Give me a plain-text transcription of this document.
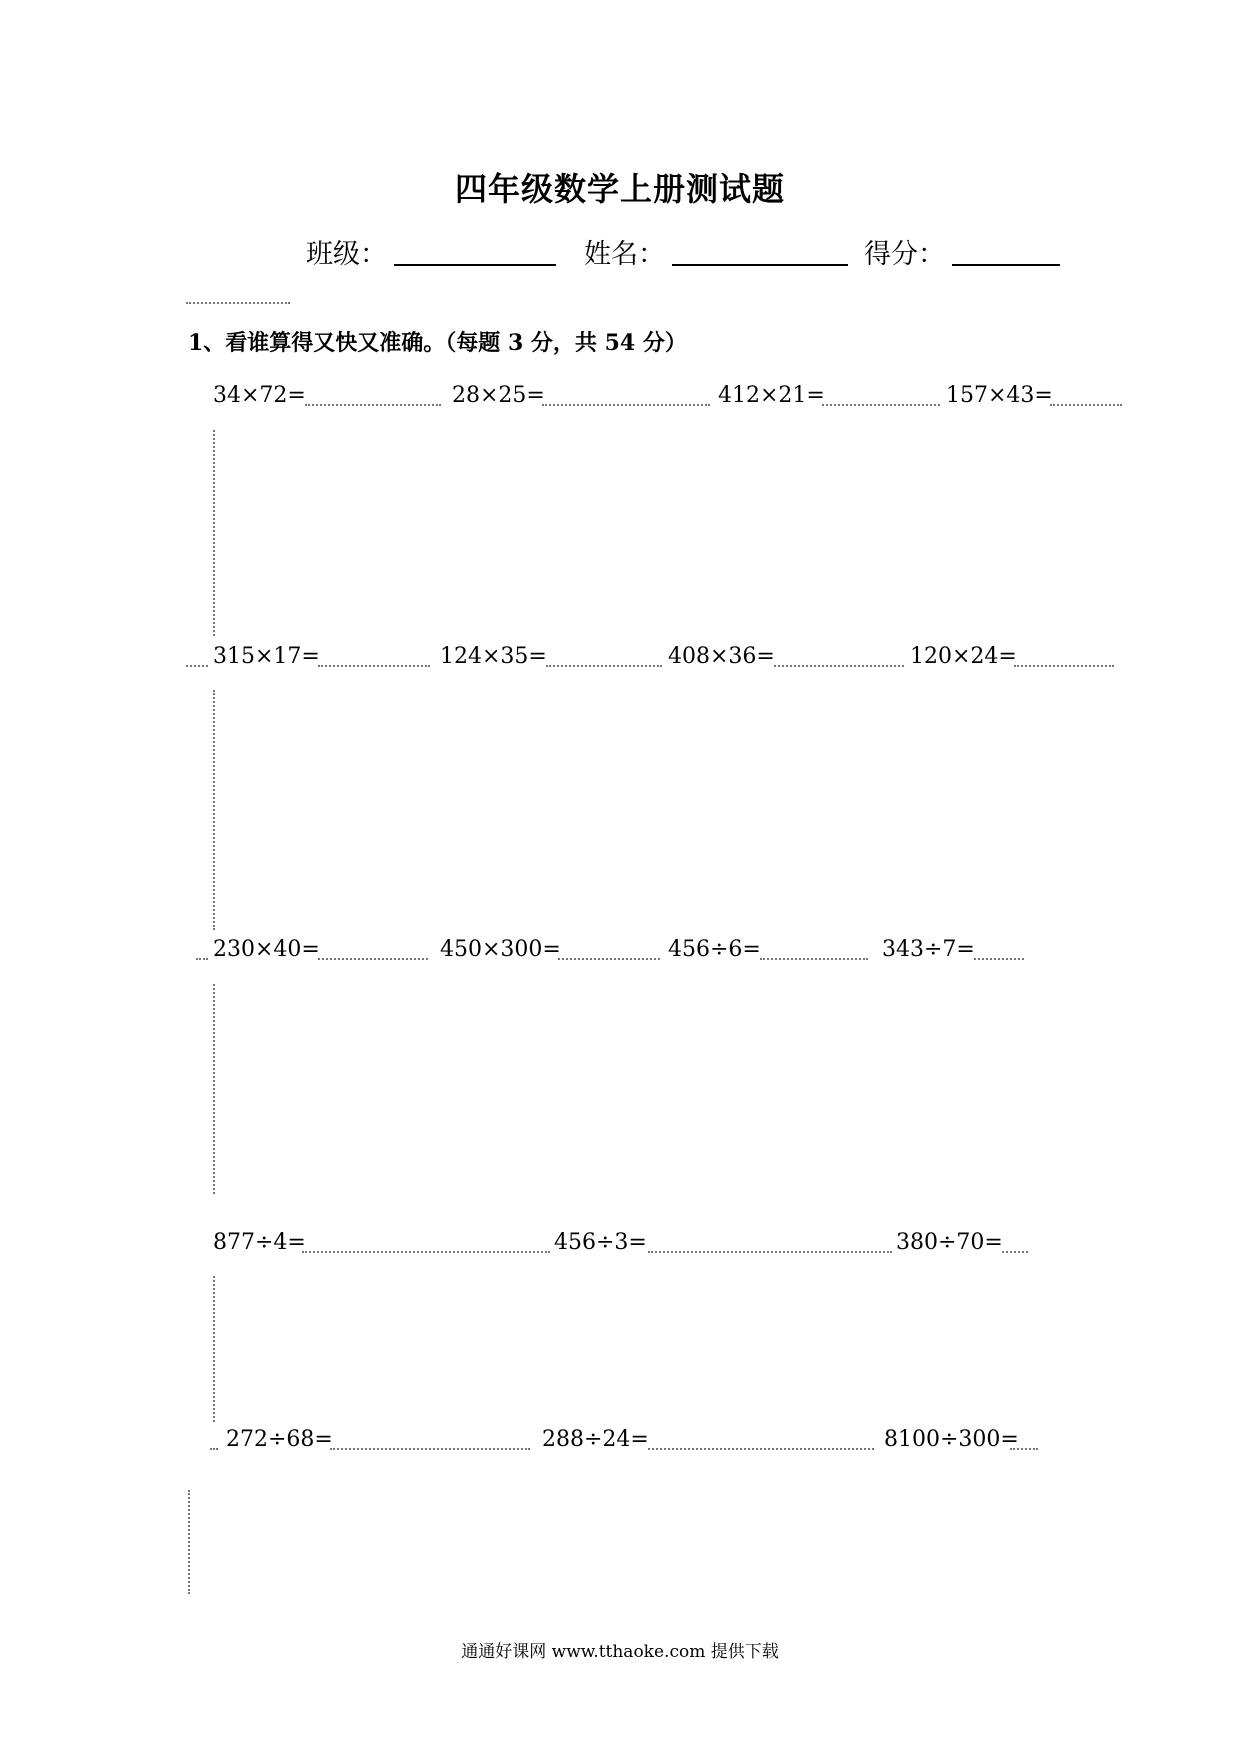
四年级数学上册测试题
班级：	姓名：	得分：
1、看谁算得又快又准确。（每题 3 分，共 54 分）
34×72=	28×25=	412×21=	157×43=
315×17=	124×35=	408×36=	120×24=
230×40=	450×300=	456÷6=	343÷7=
877÷4=	456÷3=	380÷70=
272÷68=	288÷24=	8100÷300=
通通好课网 www.tthaoke.com 提供下载
